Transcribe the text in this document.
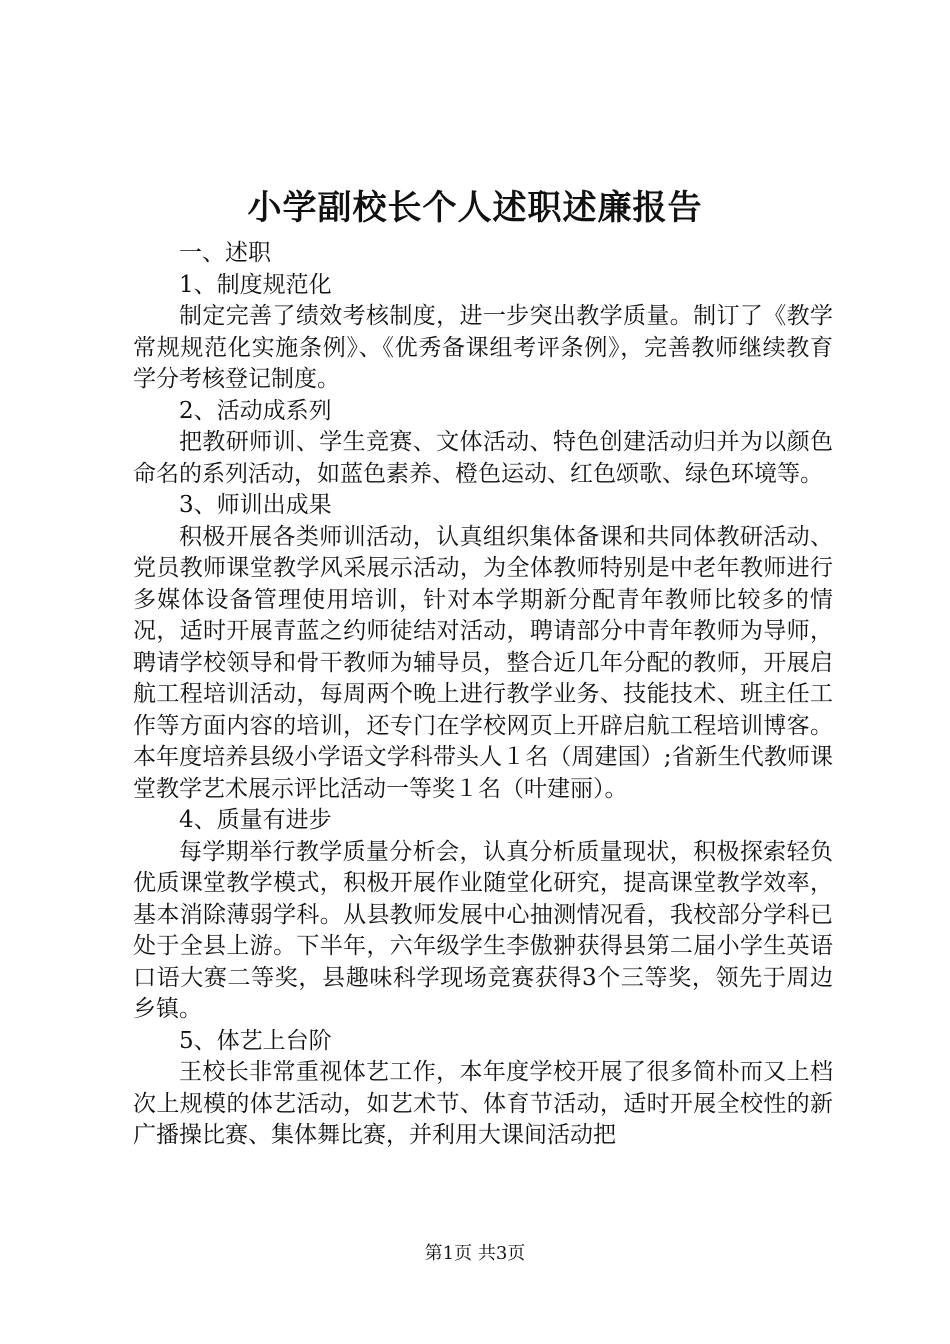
小学副校长个人述职述廉报告

一、述职

1、制度规范化

制定完善了绩效考核制度，进一步突出教学质量。制订了《教学常规规范化实施条例》、《优秀备课组考评条例》，完善教师继续教育学分考核登记制度。

2、活动成系列

把教研师训、学生竞赛、文体活动、特色创建活动归并为以颜色命名的系列活动，如蓝色素养、橙色运动、红色颂歌、绿色环境等。

3、师训出成果

积极开展各类师训活动，认真组织集体备课和共同体教研活动、党员教师课堂教学风采展示活动，为全体教师特别是中老年教师进行多媒体设备管理使用培训，针对本学期新分配青年教师比较多的情况，适时开展青蓝之约师徒结对活动，聘请部分中青年教师为导师，聘请学校领导和骨干教师为辅导员，整合近几年分配的教师，开展启航工程培训活动，每周两个晚上进行教学业务、技能技术、班主任工作等方面内容的培训，还专门在学校网页上开辟启航工程培训博客。本年度培养县级小学语文学科带头人１名（周建国）;省新生代教师课堂教学艺术展示评比活动一等奖１名（叶建丽）。

4、质量有进步

每学期举行教学质量分析会，认真分析质量现状，积极探索轻负优质课堂教学模式，积极开展作业随堂化研究，提高课堂教学效率，基本消除薄弱学科。从县教师发展中心抽测情况看，我校部分学科已处于全县上游。下半年，六年级学生李傲翀获得县第二届小学生英语口语大赛二等奖，县趣味科学现场竞赛获得3个三等奖，领先于周边乡镇。

5、体艺上台阶

王校长非常重视体艺工作，本年度学校开展了很多简朴而又上档次上规模的体艺活动，如艺术节、体育节活动，适时开展全校性的新广播操比赛、集体舞比赛，并利用大课间活动把

第1页 共3页
